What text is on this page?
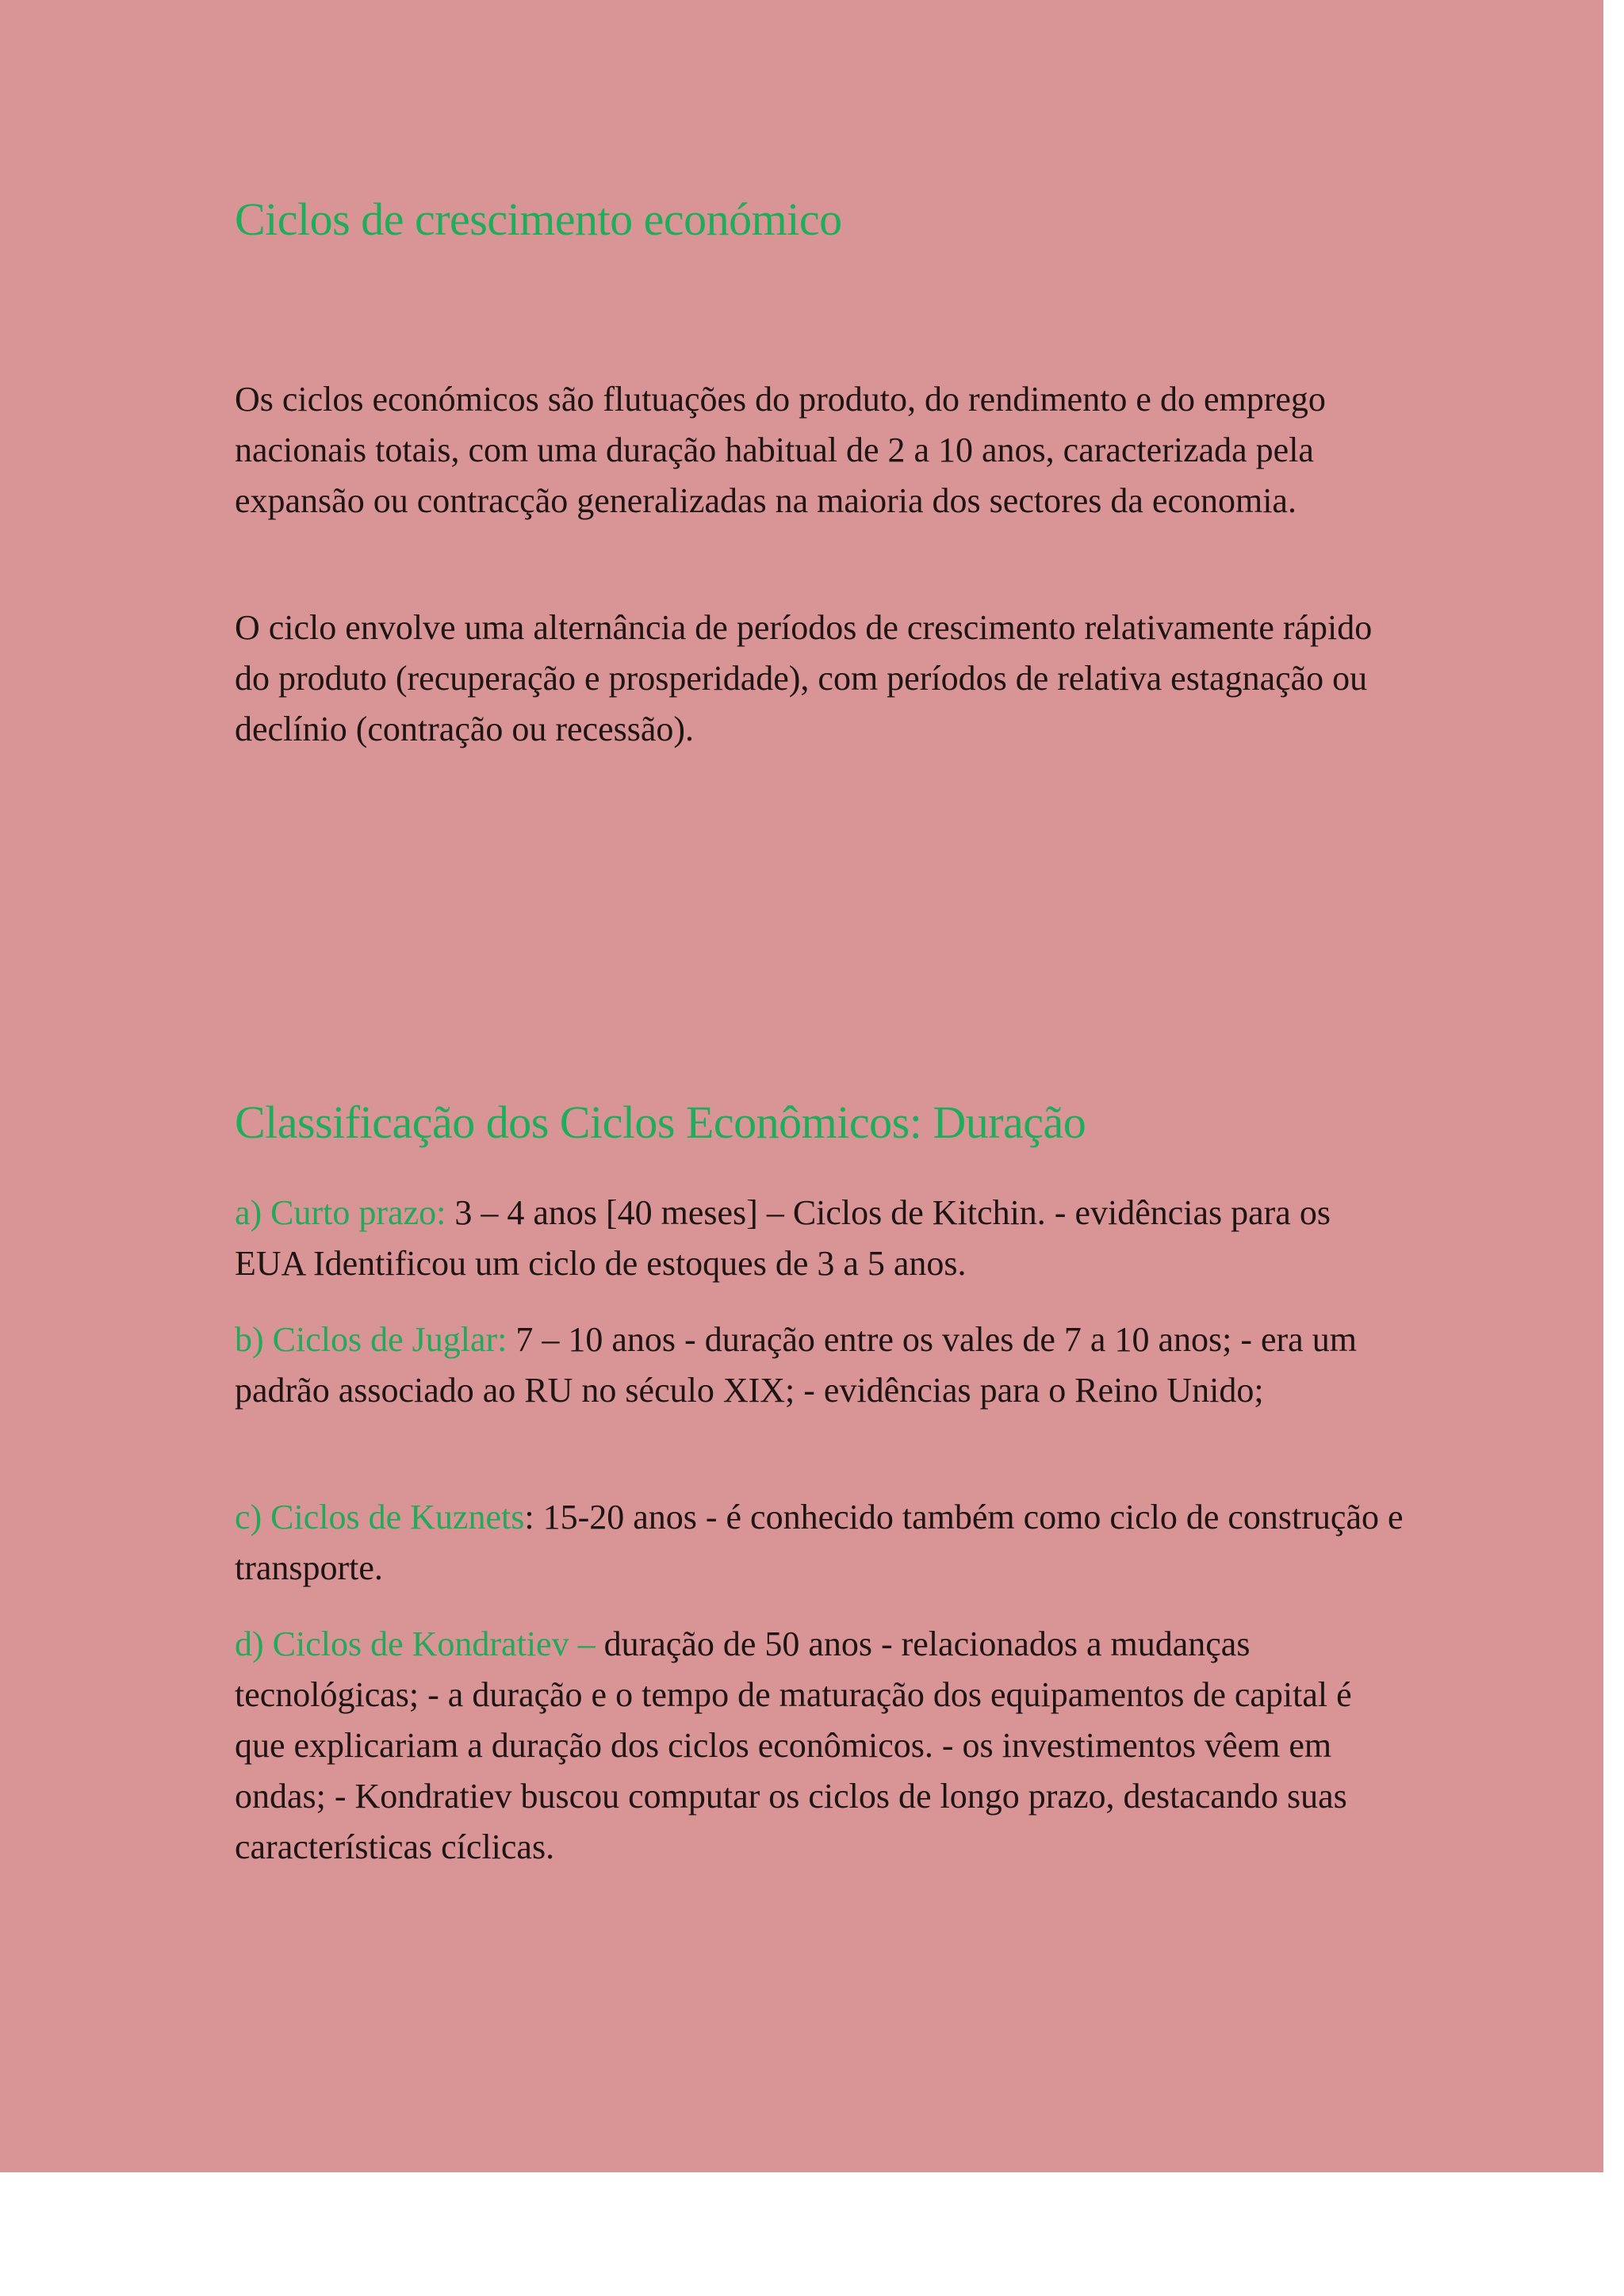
Ciclos de crescimento económico

Os ciclos económicos são flutuações do produto, do rendimento e do emprego nacionais totais, com uma duração habitual de 2 a 10 anos, caracterizada pela expansão ou contracção generalizadas na maioria dos sectores da economia.

O ciclo envolve uma alternância de períodos de crescimento relativamente rápido do produto (recuperação e prosperidade), com períodos de relativa estagnação ou declínio (contração ou recessão).

Classificação dos Ciclos Econômicos: Duração

a) Curto prazo: 3 – 4 anos [40 meses] – Ciclos de Kitchin. - evidências para os EUA Identificou um ciclo de estoques de 3 a 5 anos.

b) Ciclos de Juglar: 7 – 10 anos - duração entre os vales de 7 a 10 anos; - era um padrão associado ao RU no século XIX; - evidências para o Reino Unido;

c) Ciclos de Kuznets: 15-20 anos - é conhecido também como ciclo de construção e transporte.

d) Ciclos de Kondratiev – duração de 50 anos - relacionados a mudanças tecnológicas; - a duração e o tempo de maturação dos equipamentos de capital é que explicariam a duração dos ciclos econômicos. - os investimentos vêem em ondas; - Kondratiev buscou computar os ciclos de longo prazo, destacando suas características cíclicas.
